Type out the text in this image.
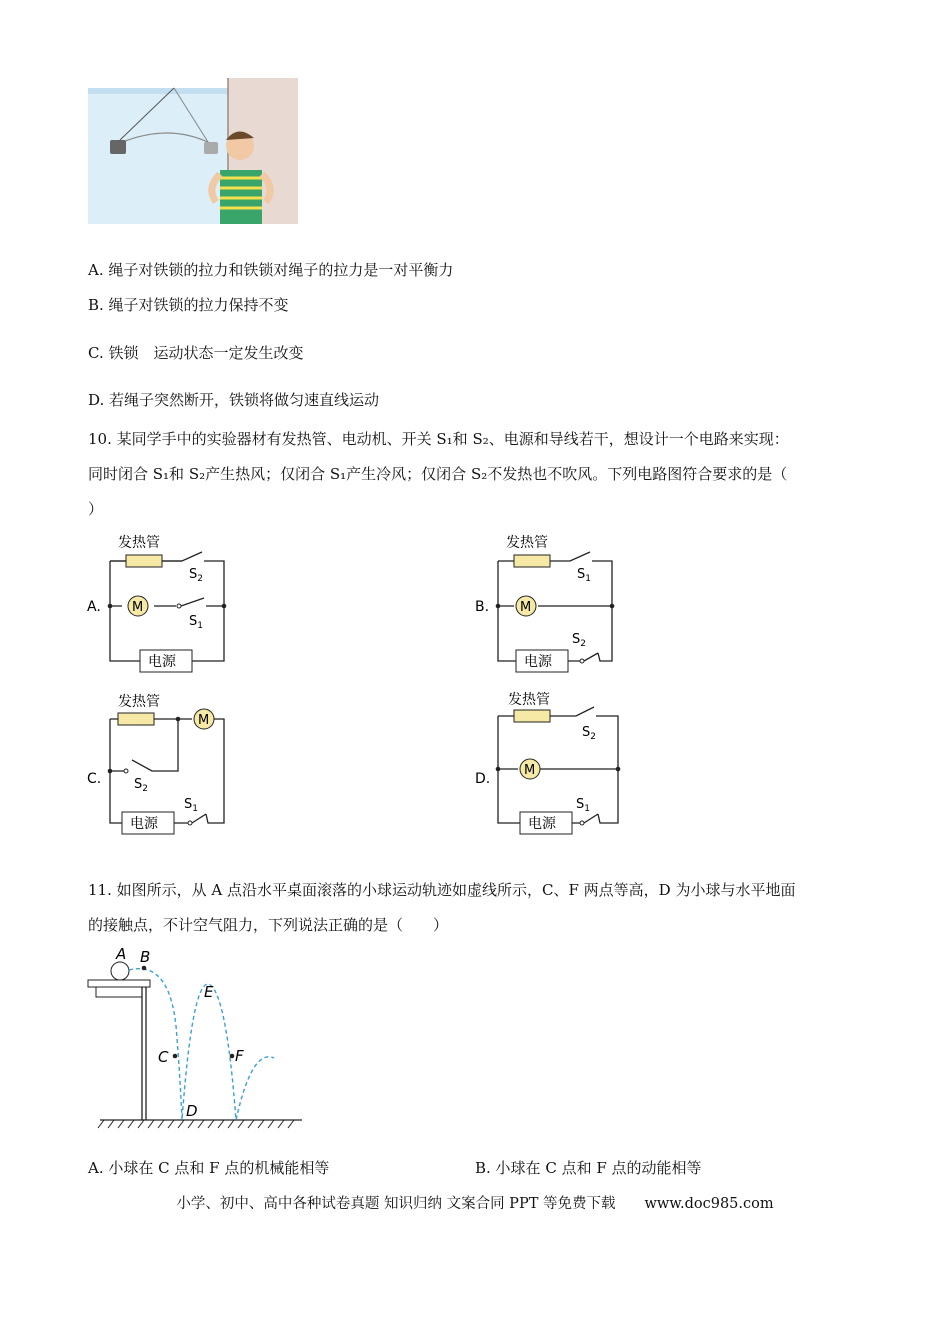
A. 绳子对铁锁的拉力和铁锁对绳子的拉力是一对平衡力
B. 绳子对铁锁的拉力保持不变
C. 铁锁　运动状态一定发生改变
D. 若绳子突然断开，铁锁将做匀速直线运动
10. 某同学手中的实验器材有发热管、电动机、开关 S₁和 S₂、电源和导线若干，想设计一个电路来实现：
同时闭合 S₁和 S₂产生热风；仅闭合 S₁产生冷风；仅闭合 S₂不发热也不吹风。下列电路图符合要求的是（
）
A.
发热管
$S_2$
M
$S_1$
电源
B.
发热管
$S_1$
M
$S_2$
电源
C.
发热管
M
$S_2$
$S_1$
电源
D.
发热管
$S_2$
M
$S_1$
电源
11. 如图所示，从 A 点沿水平桌面滚落的小球运动轨迹如虚线所示，C、F 两点等高，D 为小球与水平地面
的接触点，不计空气阻力，下列说法正确的是（　　）
A B
C
D
E
F
A. 小球在 C 点和 F 点的机械能相等	B. 小球在 C 点和 F 点的动能相等
小学、初中、高中各种试卷真题 知识归纳 文案合同 PPT 等免费下载　　www.doc985.com
